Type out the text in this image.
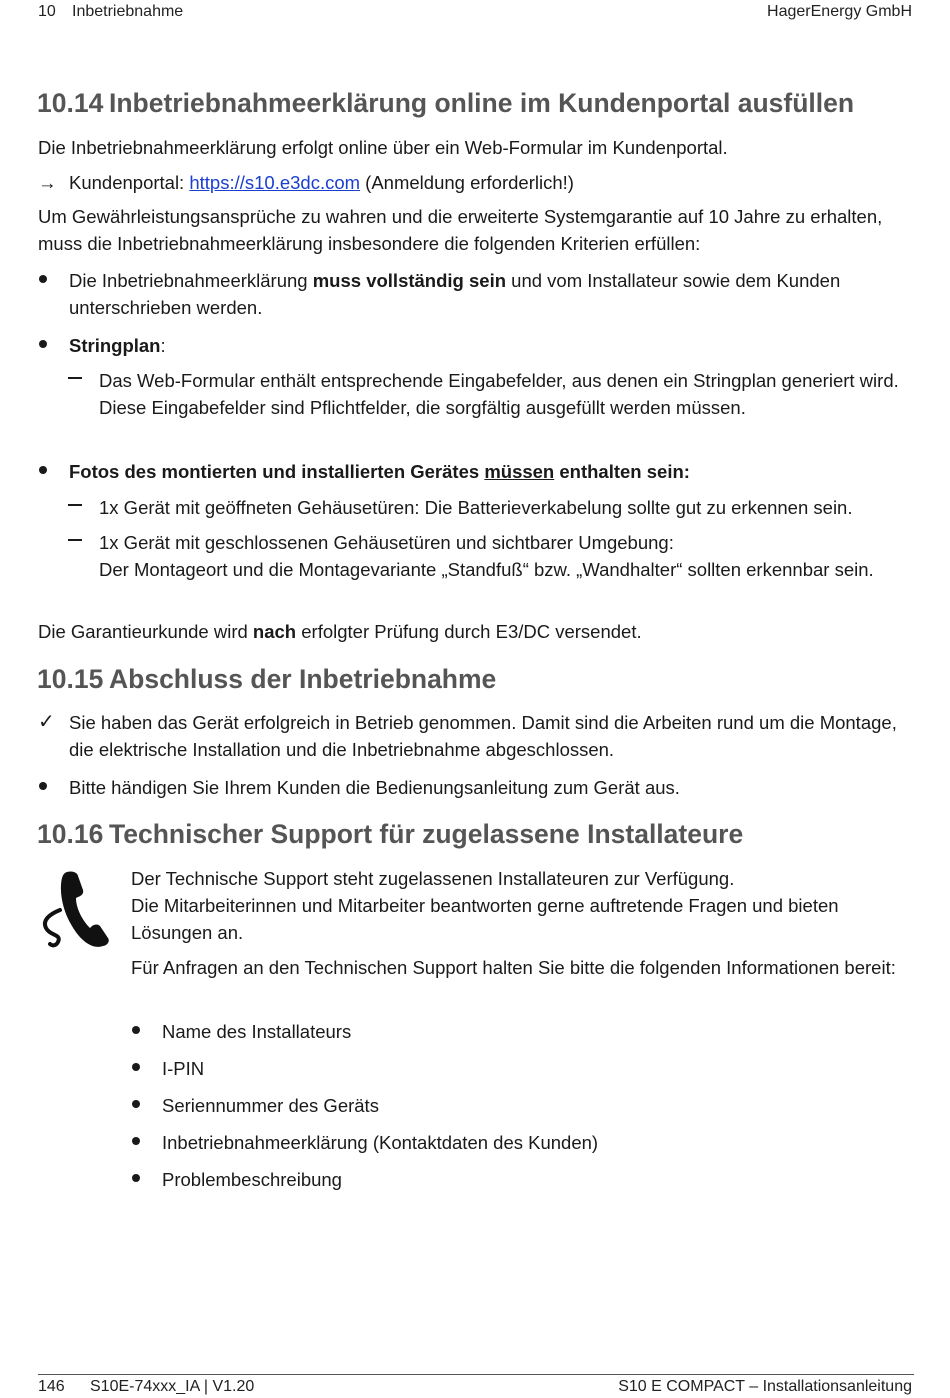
10 Inbetriebnahme	HagerEnergy GmbH
10.14 Inbetriebnahmeerklärung online im Kundenportal ausfüllen
Die Inbetriebnahmeerklärung erfolgt online über ein Web-Formular im Kundenportal.
→ Kundenportal: https://s10.e3dc.com (Anmeldung erforderlich!)
Um Gewährleistungsansprüche zu wahren und die erweiterte Systemgarantie auf 10 Jahre zu erhalten, muss die Inbetriebnahmeerklärung insbesondere die folgenden Kriterien erfüllen:
Die Inbetriebnahmeerklärung muss vollständig sein und vom Installateur sowie dem Kunden unterschrieben werden.
Stringplan:
Das Web-Formular enthält entsprechende Eingabefelder, aus denen ein Stringplan generiert wird. Diese Eingabefelder sind Pflichtfelder, die sorgfältig ausgefüllt werden müssen.
Fotos des montierten und installierten Gerätes müssen enthalten sein:
1x Gerät mit geöffneten Gehäusetüren: Die Batterieverkabelung sollte gut zu erkennen sein.
1x Gerät mit geschlossenen Gehäusetüren und sichtbarer Umgebung:
Der Montageort und die Montagevariante „Standfuß“ bzw. „Wandhalter“ sollten erkennbar sein.
Die Garantieurkunde wird nach erfolgter Prüfung durch E3/DC versendet.
10.15 Abschluss der Inbetriebnahme
✓ Sie haben das Gerät erfolgreich in Betrieb genommen. Damit sind die Arbeiten rund um die Montage, die elektrische Installation und die Inbetriebnahme abgeschlossen.
Bitte händigen Sie Ihrem Kunden die Bedienungsanleitung zum Gerät aus.
10.16 Technischer Support für zugelassene Installateure
Der Technische Support steht zugelassenen Installateuren zur Verfügung.
Die Mitarbeiterinnen und Mitarbeiter beantworten gerne auftretende Fragen und bieten Lösungen an.
Für Anfragen an den Technischen Support halten Sie bitte die folgenden Informationen bereit:
Name des Installateurs
I-PIN
Seriennummer des Geräts
Inbetriebnahmeerklärung (Kontaktdaten des Kunden)
Problembeschreibung
146 S10E-74xxx_IA | V1.20	S10 E COMPACT – Installationsanleitung
